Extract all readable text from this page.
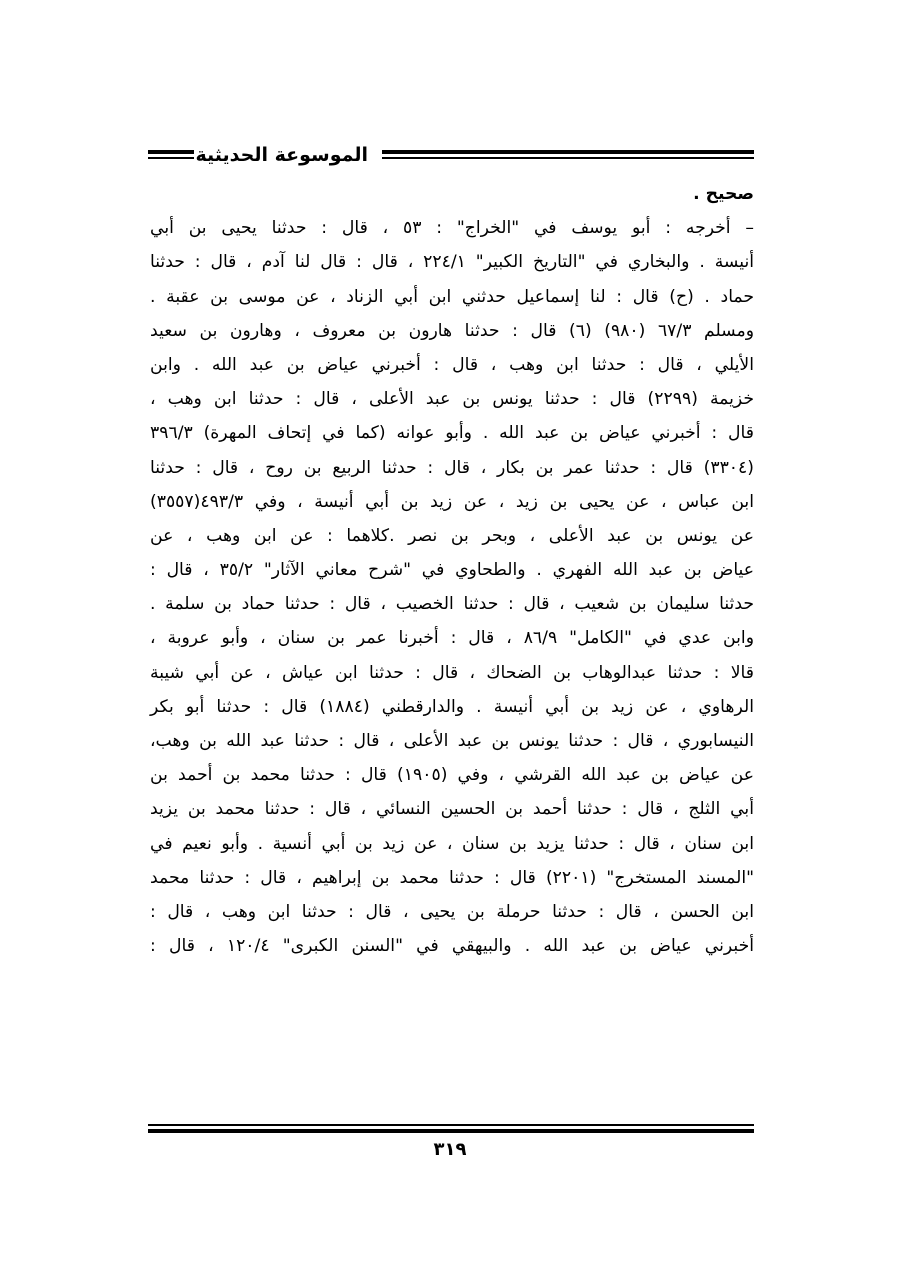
الموسوعة الحديثية
صحيح .
– أخرجه : أبو يوسف في "الخراج" : ٥٣ ، قال : حدثنا يحيى بن أبي
أنيسة . والبخاري في "التاريخ الكبير" ٢٢٤/١ ، قال : قال لنا آدم ، قال : حدثنا
حماد . (ح) قال : لنا إسماعيل حدثني ابن أبي الزناد ، عن موسى بن عقبة .
ومسلم ٦٧/٣ (٩٨٠) (٦) قال : حدثنا هارون بن معروف ، وهارون بن سعيد
الأيلي ، قال : حدثنا ابن وهب ، قال : أخبرني عياض بن عبد الله . وابن
خزيمة (٢٢٩٩) قال : حدثنا يونس بن عبد الأعلى ، قال : حدثنا ابن وهب ،
قال : أخبرني عياض بن عبد الله . وأبو عوانه (كما في إتحاف المهرة) ٣٩٦/٣
(٣٣٠٤) قال : حدثنا عمر بن بكار ، قال : حدثنا الربيع بن روح ، قال : حدثنا
ابن عباس ، عن يحيى بن زيد ، عن زيد بن أبي أنيسة ، وفي ٤٩٣/٣(٣٥٥٧)
عن يونس بن عبد الأعلى ، وبحر بن نصر .كلاهما : عن ابن وهب ، عن
عياض بن عبد الله الفهري . والطحاوي في "شرح معاني الآثار" ٣٥/٢ ، قال :
حدثنا سليمان بن شعيب ، قال : حدثنا الخصيب ، قال : حدثنا حماد بن سلمة .
وابن عدي في "الكامل" ٨٦/٩ ، قال : أخبرنا عمر بن سنان ، وأبو عروبة ،
قالا : حدثنا عبدالوهاب بن الضحاك ، قال : حدثنا ابن عياش ، عن أبي شيبة
الرهاوي ، عن زيد بن أبي أنيسة . والدارقطني (١٨٨٤) قال : حدثنا أبو بكر
النيسابوري ، قال : حدثنا يونس بن عبد الأعلى ، قال : حدثنا عبد الله بن وهب،
عن عياض بن عبد الله القرشي ، وفي (١٩٠٥) قال : حدثنا محمد بن أحمد بن
أبي الثلج ، قال : حدثنا أحمد بن الحسين النسائي ، قال : حدثنا محمد بن يزيد
ابن سنان ، قال : حدثنا يزيد بن سنان ، عن زيد بن أبي أنسية . وأبو نعيم في
"المسند المستخرج" (٢٢٠١) قال : حدثنا محمد بن إبراهيم ، قال : حدثنا محمد
ابن الحسن ، قال : حدثنا حرملة بن يحيى ، قال : حدثنا ابن وهب ، قال :
أخبرني عياض بن عبد الله . والبيهقي في "السنن الكبرى" ١٢٠/٤ ، قال :
٣١٩
